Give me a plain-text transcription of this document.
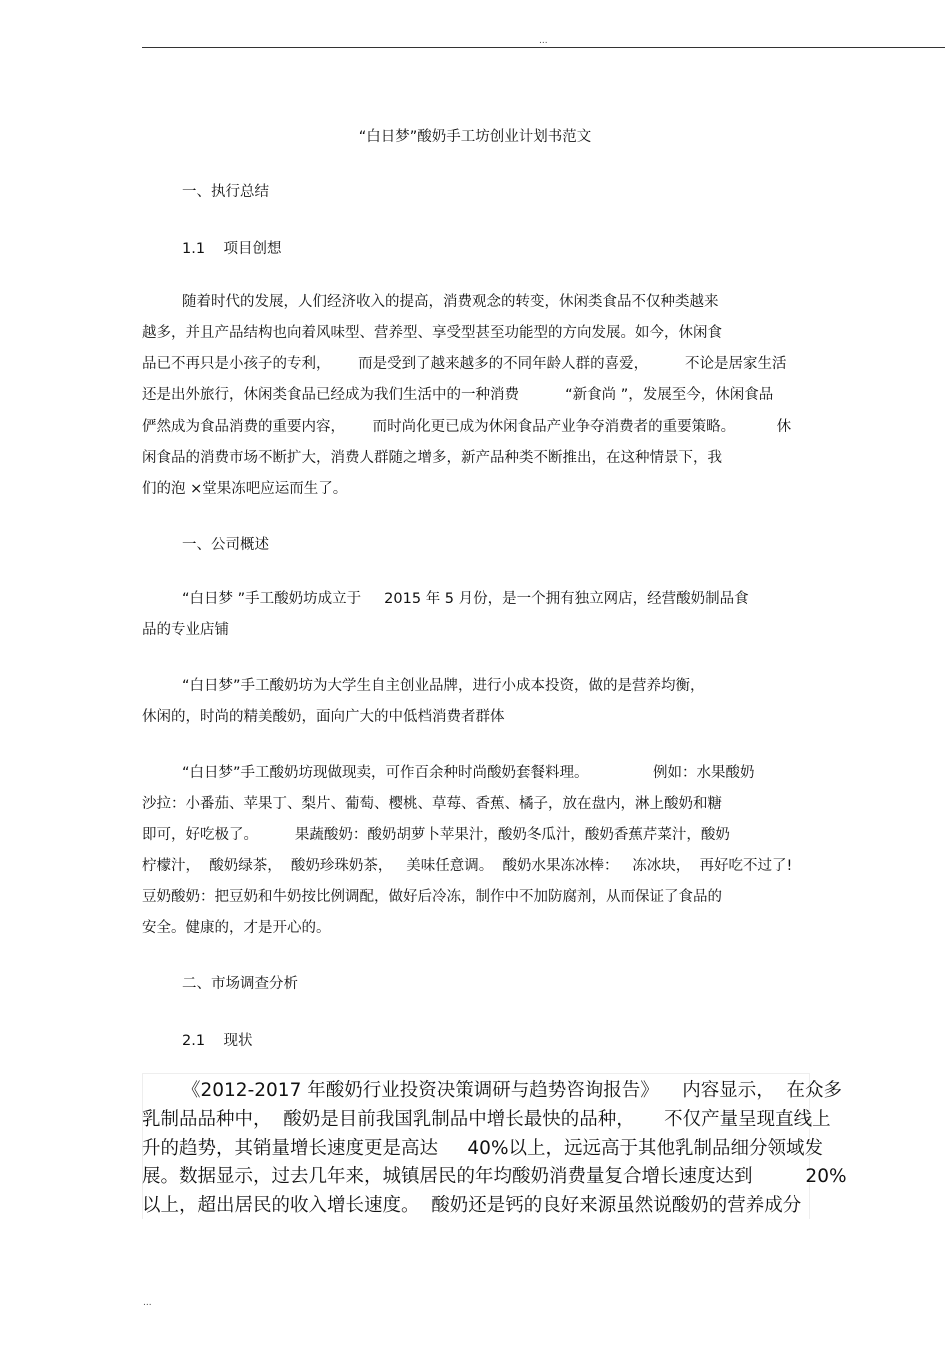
...
“白日梦”酸奶手工坊创业计划书范文
一、执行总结
1.1    项目创想
随着时代的发展，人们经济收入的提高，消费观念的转变，休闲类食品不仅种类越来
越多，并且产品结构也向着风味型、营养型、享受型甚至功能型的方向发展。如今，休闲食
品已不再只是小孩子的专利，      而是受到了越来越多的不同年龄人群的喜爱，        不论是居家生活
还是出外旅行，休闲类食品已经成为我们生活中的一种消费          “新食尚 ”，发展至今，休闲食品
俨然成为食品消费的重要内容，      而时尚化更已成为休闲食品产业争夺消费者的重要策略。         休
闲食品的消费市场不断扩大，消费人群随之增多，新产品种类不断推出，在这种情景下，我
们的泡 ×堂果冻吧应运而生了。
一、公司概述
“白日梦 ”手工酸奶坊成立于     2015 年 5 月份，是一个拥有独立网店，经营酸奶制品食
品的专业店铺
“白日梦”手工酸奶坊为大学生自主创业品牌，进行小成本投资，做的是营养均衡，
休闲的，时尚的精美酸奶，面向广大的中低档消费者群体
“白日梦”手工酸奶坊现做现卖，可作百余种时尚酸奶套餐料理。              例如：水果酸奶
沙拉：小番茄、苹果丁、梨片、葡萄、樱桃、草莓、香蕉、橘子，放在盘内，淋上酸奶和糖
即可，好吃极了。        果蔬酸奶：酸奶胡萝卜苹果汁，酸奶冬瓜汁，酸奶香蕉芹菜汁，酸奶
柠檬汁，  酸奶绿茶，  酸奶珍珠奶茶，   美味任意调。  酸奶水果冻冰棒：   冻冰块，  再好吃不过了!
豆奶酸奶：把豆奶和牛奶按比例调配，做好后冷冻，制作中不加防腐剂，从而保证了食品的
安全。健康的，才是开心的。
二、市场调查分析
2.1    现状
《2012-2017 年酸奶行业投资决策调研与趋势咨询报告》    内容显示，  在众多
乳制品品种中，  酸奶是目前我国乳制品中增长最快的品种，     不仅产量呈现直线上
升的趋势，其销量增长速度更是高达     40%以上，远远高于其他乳制品细分领域发
展。数据显示，过去几年来，城镇居民的年均酸奶消费量复合增长速度达到         20%
以上，超出居民的收入增长速度。  酸奶还是钙的良好来源虽然说酸奶的营养成分
...
